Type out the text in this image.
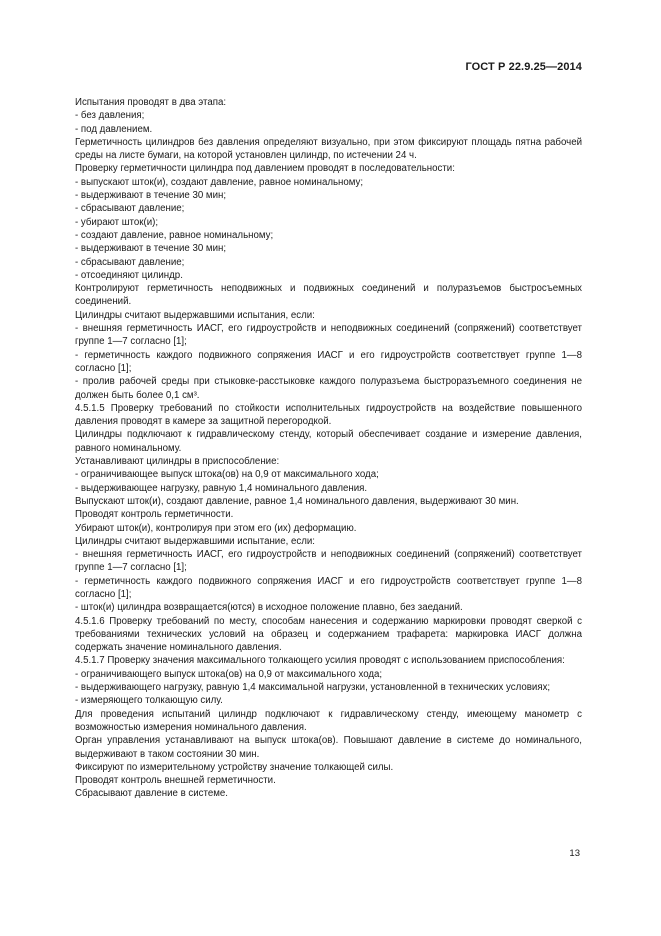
ГОСТ Р 22.9.25—2014

Испытания проводят в два этапа:

- без давления;

- под давлением.

Герметичность цилиндров без давления определяют визуально, при этом фиксируют площадь пятна рабочей среды на листе бумаги, на которой установлен цилиндр, по истечении 24 ч.

Проверку герметичности цилиндра под давлением проводят в последовательности:

- выпускают шток(и), создают давление, равное номинальному;

- выдерживают в течение 30 мин;

- сбрасывают давление;

- убирают шток(и);

- создают давление, равное номинальному;

- выдерживают в течение 30 мин;

- сбрасывают давление;

- отсоединяют цилиндр.

Контролируют герметичность неподвижных и подвижных соединений и полуразъемов быстросъемных соединений.

Цилиндры считают выдержавшими испытания, если:

- внешняя герметичность ИАСГ, его гидроустройств и неподвижных соединений (сопряжений) соответствует группе 1—7 согласно [1];

- герметичность каждого подвижного сопряжения ИАСГ и его гидроустройств соответствует группе 1—8 согласно [1];

- пролив рабочей среды при стыковке-расстыковке каждого полуразъема быстроразъемного соединения не должен быть более 0,1 см³.

4.5.1.5 Проверку требований по стойкости исполнительных гидроустройств на воздействие повышенного давления проводят в камере за защитной перегородкой.

Цилиндры подключают к гидравлическому стенду, который обеспечивает создание и измерение давления, равного номинальному.

Устанавливают цилиндры в приспособление:

- ограничивающее выпуск штока(ов) на 0,9 от максимального хода;

- выдерживающее нагрузку, равную 1,4 номинального давления.

Выпускают шток(и), создают давление, равное 1,4 номинального давления, выдерживают 30 мин.

Проводят контроль герметичности.

Убирают шток(и), контролируя при этом его (их) деформацию.

Цилиндры считают выдержавшими испытание, если:

- внешняя герметичность ИАСГ, его гидроустройств и неподвижных соединений (сопряжений) соответствует группе 1—7 согласно [1];

- герметичность каждого подвижного сопряжения ИАСГ и его гидроустройств соответствует группе 1—8 согласно [1];

- шток(и) цилиндра возвращается(ются) в исходное положение плавно, без заеданий.

4.5.1.6 Проверку требований по месту, способам нанесения и содержанию маркировки проводят сверкой с требованиями технических условий на образец и содержанием трафарета: маркировка ИАСГ должна содержать значение номинального давления.

4.5.1.7 Проверку значения максимального толкающего усилия проводят с использованием приспособления:

- ограничивающего выпуск штока(ов) на 0,9 от максимального хода;

- выдерживающего нагрузку, равную 1,4 максимальной нагрузки, установленной в технических условиях;

- измеряющего толкающую силу.

Для проведения испытаний цилиндр подключают к гидравлическому стенду, имеющему манометр с возможностью измерения номинального давления.

Орган управления устанавливают на выпуск штока(ов). Повышают давление в системе до номинального, выдерживают в таком состоянии 30 мин.

Фиксируют по измерительному устройству значение толкающей силы.

Проводят контроль внешней герметичности.

Сбрасывают давление в системе.

13
